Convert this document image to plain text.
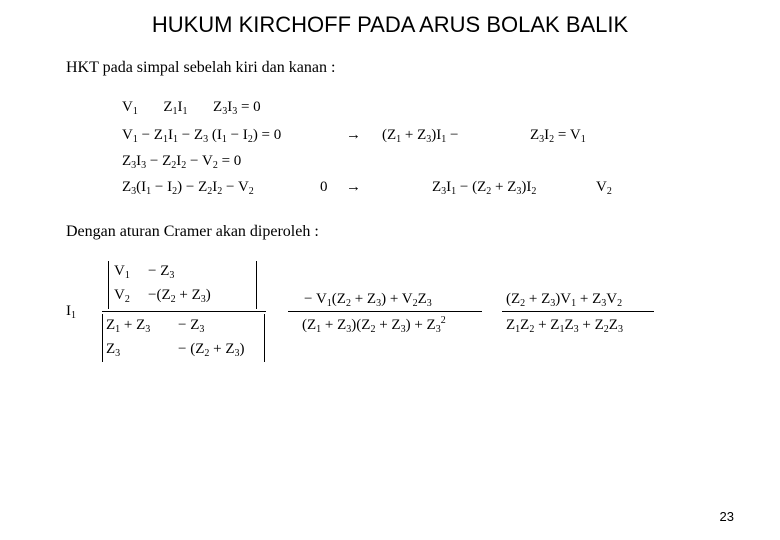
HUKUM KIRCHOFF PADA ARUS BOLAK BALIK
HKT pada simpal sebelah kiri dan kanan :
$V_1$ $Z_1I_1$ $Z_3I_3 = 0$
$V_1 - Z_1I_1 - Z_3$ $(I_1 - I_2) = 0$	→ $(Z_1 + Z_3)I_1$ −	$Z_3I_2 = V_1$
$Z_3I_3 - Z_2I_2 - V_2 = 0$
$Z_3(I_1 - I_2) - Z_2I_2 - V_2$	0 →	$Z_3I_1 - (Z_2 + Z_3)I_2$	$V_2$
Dengan aturan Cramer akan diperoleh :
$I_1$
$V_1 - Z_3$
$V_2 -(Z_2 + Z_3)$
$Z_1 + Z_3 - Z_3$
$Z_3$	− $(Z_2 + Z_3)$
− $V_1(Z_2 + Z_3) + V_2Z_3$
$(Z_1 + Z_3)(Z_2 + Z_3) + Z_3^2$
$(Z_2 + Z_3)V_1 + Z_3V_2$
$Z_1Z_2 + Z_1Z_3 + Z_2Z_3$
23
